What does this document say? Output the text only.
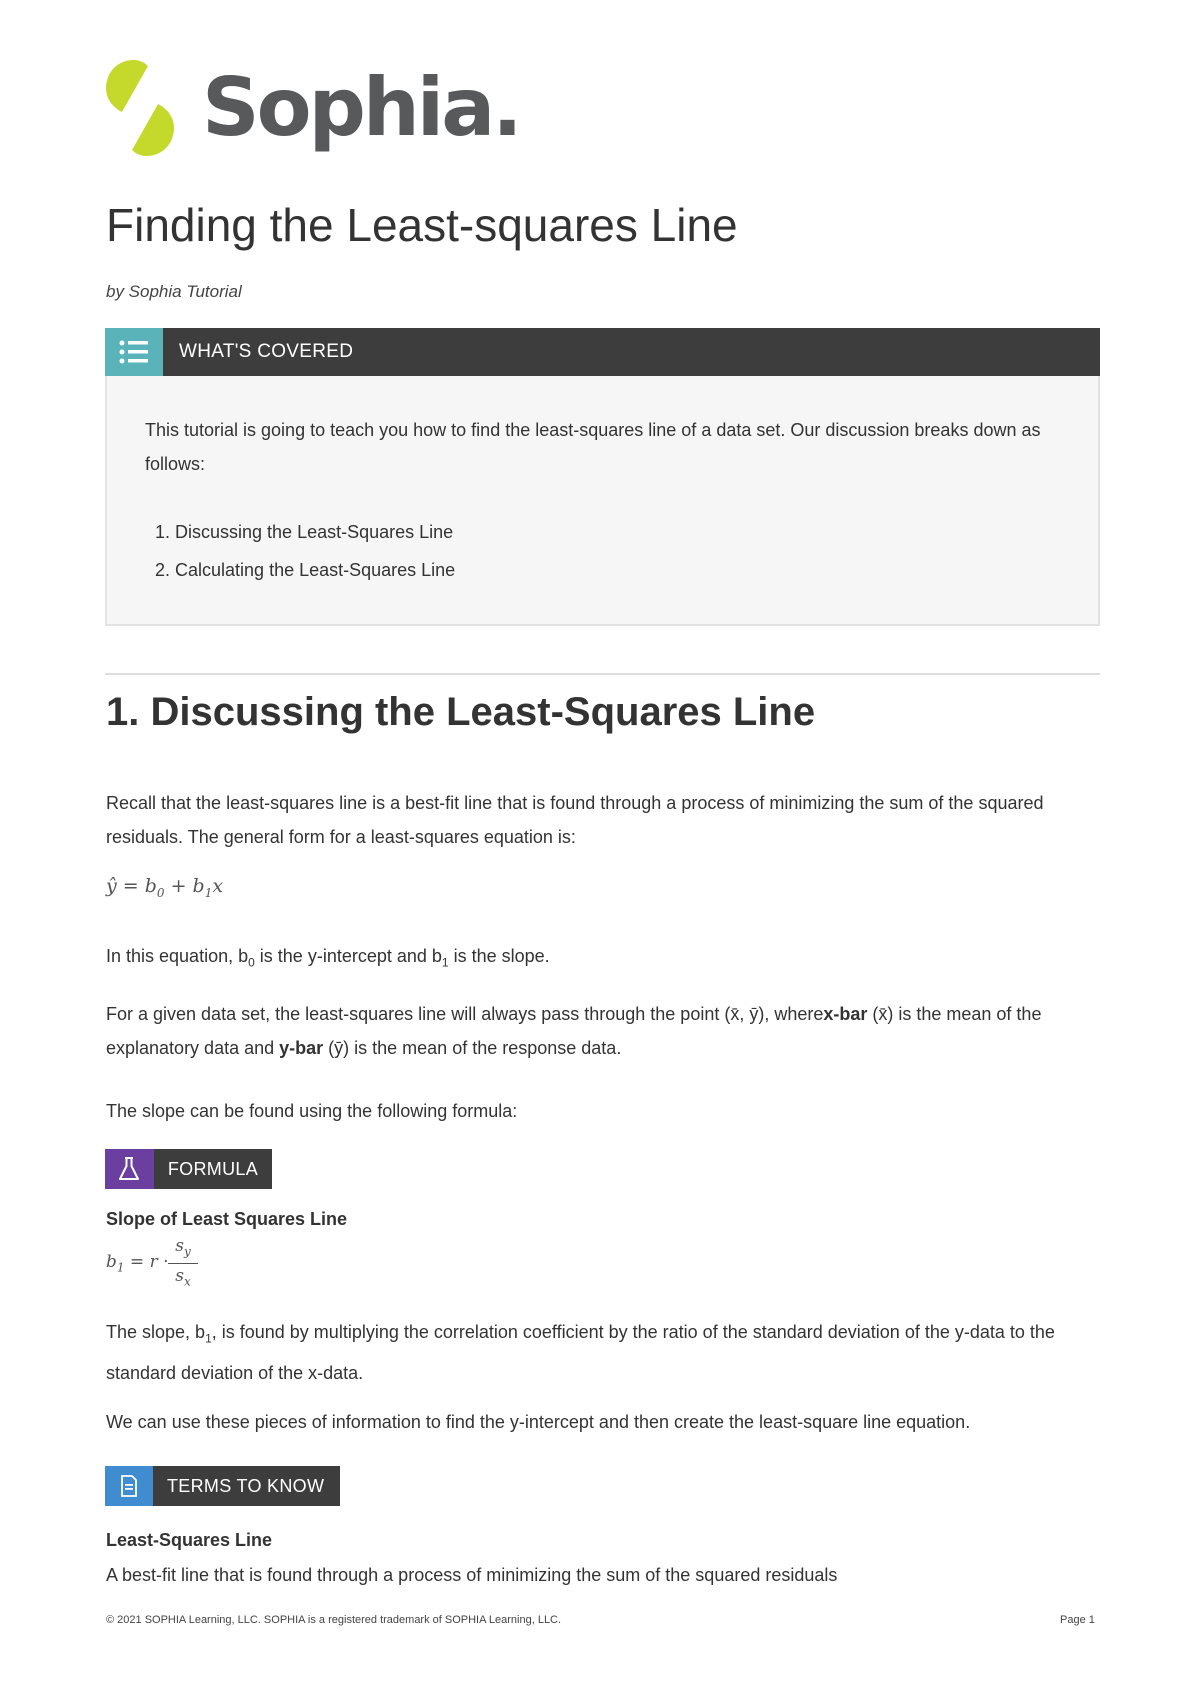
Sophia.
Finding the Least-squares Line
by Sophia Tutorial
WHAT'S COVERED
This tutorial is going to teach you how to find the least-squares line of a data set. Our discussion breaks down as follows:
1. Discussing the Least-Squares Line
2. Calculating the Least-Squares Line
1. Discussing the Least-Squares Line
Recall that the least-squares line is a best-fit line that is found through a process of minimizing the sum of the squared residuals. The general form for a least-squares equation is:
ŷ = $b_0 + b_1x$
In this equation, $b_0$ is the y-intercept and $b_1$ is the slope.
For a given data set, the least-squares line will always pass through the point (x̄, ȳ), wherex-bar (x̄) is the mean of the explanatory data and y-bar (ȳ) is the mean of the response data.
The slope can be found using the following formula:
FORMULA
Slope of Least Squares Line
$b_1 = r \cdot \frac{s_y}{s_x}$
The slope, $b_1$, is found by multiplying the correlation coefficient by the ratio of the standard deviation of the y-data to the standard deviation of the x-data.
We can use these pieces of information to find the y-intercept and then create the least-square line equation.
TERMS TO KNOW
Least-Squares Line
A best-fit line that is found through a process of minimizing the sum of the squared residuals
© 2021 SOPHIA Learning, LLC. SOPHIA is a registered trademark of SOPHIA Learning, LLC.	Page 1
